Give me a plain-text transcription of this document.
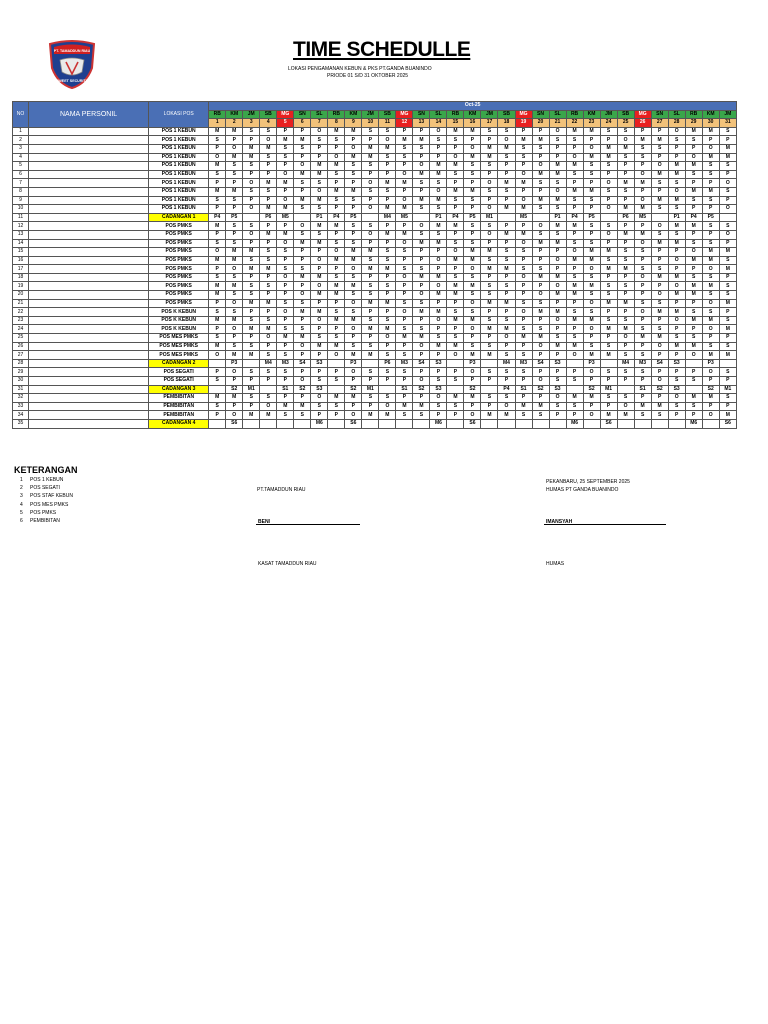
PT. TAMADDUN RIAU
SWEET SECURITY
TIME SCHEDULLE
LOKASI PENGAMANAN KEBUN & PKS PT.GANDA BUANINDO
PRIODE 01 S/D 31 OKTOBER 2025
NO	NAMA PERSONIL	LOKASI POS	Oct-25																														
			RB	KM	JM	SB	MG	SN	SL	RB	KM	JM	SB	MG	SN	SL	RB	KM	JM	SB	MG	SN	SL	RB	KM	JM	SB	MG	SN	SL	RB	KM	JM
			1	2	3	4	5	6	7	8	9	10	11	12	13	14	15	16	17	18	19	20	21	22	23	24	25	26	27	28	29	30	31
1		POS 1 KEBUN	M	M	S	S	P	P	O	M	M	S	S	P	P	O	M	M	S	S	P	P	O	M	M	S	S	P	P	O	M	M	S
2		POS 1 KEBUN	S	P	P	O	M	M	S	S	P	P	O	M	M	S	S	P	P	O	M	M	S	S	P	P	O	M	M	S	S	P	P
3		POS 1 KEBUN	P	O	M	M	S	S	P	P	O	M	M	S	S	P	P	O	M	M	S	S	P	P	O	M	M	S	S	P	P	O	M
4		POS 1 KEBUN	O	M	M	S	S	P	P	O	M	M	S	S	P	P	O	M	M	S	S	P	P	O	M	M	S	S	P	P	O	M	M
5		POS 1 KEBUN	M	S	S	P	P	O	M	M	S	S	P	P	O	M	M	S	S	P	P	O	M	M	S	S	P	P	O	M	M	S	S
6		POS 1 KEBUN	S	S	P	P	O	M	M	S	S	P	P	O	M	M	S	S	P	P	O	M	M	S	S	P	P	O	M	M	S	S	P
7		POS 1 KEBUN	P	P	O	M	M	S	S	P	P	O	M	M	S	S	P	P	O	M	M	S	S	P	P	O	M	M	S	S	P	P	O
8		POS 1 KEBUN	M	M	S	S	P	P	O	M	M	S	S	P	P	O	M	M	S	S	P	P	O	M	M	S	S	P	P	O	M	M	S
9		POS 1 KEBUN	S	S	P	P	O	M	M	S	S	P	P	O	M	M	S	S	P	P	O	M	M	S	S	P	P	O	M	M	S	S	P
10		POS 1 KEBUN	P	P	O	M	M	S	S	P	P	O	M	M	S	S	P	P	O	M	M	S	S	P	P	O	M	M	S	S	P	P	O
11		CADANGAN 1	P4	P5		P6	M5		P1	P4	P5		M4	M5		P1	P4	P5	M1		M5		P1	P4	P5		P6	M5		P1	P4	P5	
12		POS PMKS	M	S	S	P	P	O	M	M	S	S	P	P	O	M	M	S	S	P	P	O	M	M	S	S	P	P	O	M	M	S	S
13		POS PMKS	P	P	O	M	M	S	S	P	P	O	M	M	S	S	P	P	O	M	M	S	S	P	P	O	M	M	S	S	P	P	O
14		POS PMKS	S	S	P	P	O	M	M	S	S	P	P	O	M	M	S	S	P	P	O	M	M	S	S	P	P	O	M	M	S	S	P
15		POS PMKS	O	M	M	S	S	P	P	O	M	M	S	S	P	P	O	M	M	S	S	P	P	O	M	M	S	S	P	P	O	M	M
16		POS PMKS	M	M	S	S	P	P	O	M	M	S	S	P	P	O	M	M	S	S	P	P	O	M	M	S	S	P	P	O	M	M	S
17		POS PMKS	P	O	M	M	S	S	P	P	O	M	M	S	S	P	P	O	M	M	S	S	P	P	O	M	M	S	S	P	P	O	M
18		POS PMKS	S	S	P	P	O	M	M	S	S	P	P	O	M	M	S	S	P	P	O	M	M	S	S	P	P	O	M	M	S	S	P
19		POS PMKS	M	M	S	S	P	P	O	M	M	S	S	P	P	O	M	M	S	S	P	P	O	M	M	S	S	P	P	O	M	M	S
20		POS PMKS	M	S	S	P	P	O	M	M	S	S	P	P	O	M	M	S	S	P	P	O	M	M	S	S	P	P	O	M	M	S	S
21		POS PMKS	P	O	M	M	S	S	P	P	O	M	M	S	S	P	P	O	M	M	S	S	P	P	O	M	M	S	S	P	P	O	M
22		POS K KEBUN	S	S	P	P	O	M	M	S	S	P	P	O	M	M	S	S	P	P	O	M	M	S	S	P	P	O	M	M	S	S	P
23		POS K KEBUN	M	M	S	S	P	P	O	M	M	S	S	P	P	O	M	M	S	S	P	P	O	M	M	S	S	P	P	O	M	M	S
24		POS K KEBUN	P	O	M	M	S	S	P	P	O	M	M	S	S	P	P	O	M	M	S	S	P	P	O	M	M	S	S	P	P	O	M
25		POS MES PMKS	S	P	P	O	M	M	S	S	P	P	O	M	M	S	S	P	P	O	M	M	S	S	P	P	O	M	M	S	S	P	P
26		POS MES PMKS	M	S	S	P	P	O	M	M	S	S	P	P	O	M	M	S	S	P	P	O	M	M	S	S	P	P	O	M	M	S	S
27		POS MES PMKS	O	M	M	S	S	P	P	O	M	M	S	S	P	P	O	M	M	S	S	P	P	O	M	M	S	S	P	P	O	M	M
28		CADANGAN 2		P3		M4	M3	S4	S3		P3		P6	M3	S4	S3		P3		M4	M3	S4	S3		P3		M4	M3	S4	S3		P3	
29		POS SEGATI	P	O	S	S	S	P	P	P	O	S	S	S	P	P	P	O	S	S	S	P	P	P	O	S	S	S	P	P	P	O	S
30		POS SEGATI	S	P	P	P	P	O	S	S	P	P	P	P	O	S	S	P	P	P	P	O	S	S	P	P	P	P	O	S	S	P	P
31		CADANGAN 3		S2	M1		S1	S2	S3		S2	M1		S1	S2	S3		S2		P4	S1	S2	S3		S2	M1		S1	S2	S3		S2	M1
32		PEMBIBITAN	M	M	S	S	P	P	O	M	M	S	S	P	P	O	M	M	S	S	P	P	O	M	M	S	S	P	P	O	M	M	S
33		PEMBIBITAN	S	P	P	O	M	M	S	S	P	P	O	M	M	S	S	P	P	O	M	M	S	S	P	P	O	M	M	S	S	P	P
34		PEMBIBITAN	P	O	M	M	S	S	P	P	O	M	M	S	S	P	P	O	M	M	S	S	P	P	O	M	M	S	S	P	P	O	M
35		CADANGAN 4		S6					M6		S6					M6		S6						M6		S6					M6		S6
KETERANGAN
1 POS 1 KEBUN
2 POS SEGATI
3 POS STAF KEBUN
4 POS MES PMKS
5 POS PMKS
6 PEMBIBITAN
PEKANBARU, 25 SEPTEMBER 2025
PT.TAMADDUN RIAU	HUMAS PT GANDA BUANINDO
BENI	IMANSYAH
KASAT TAMADDUN RIAU	HUMAS
